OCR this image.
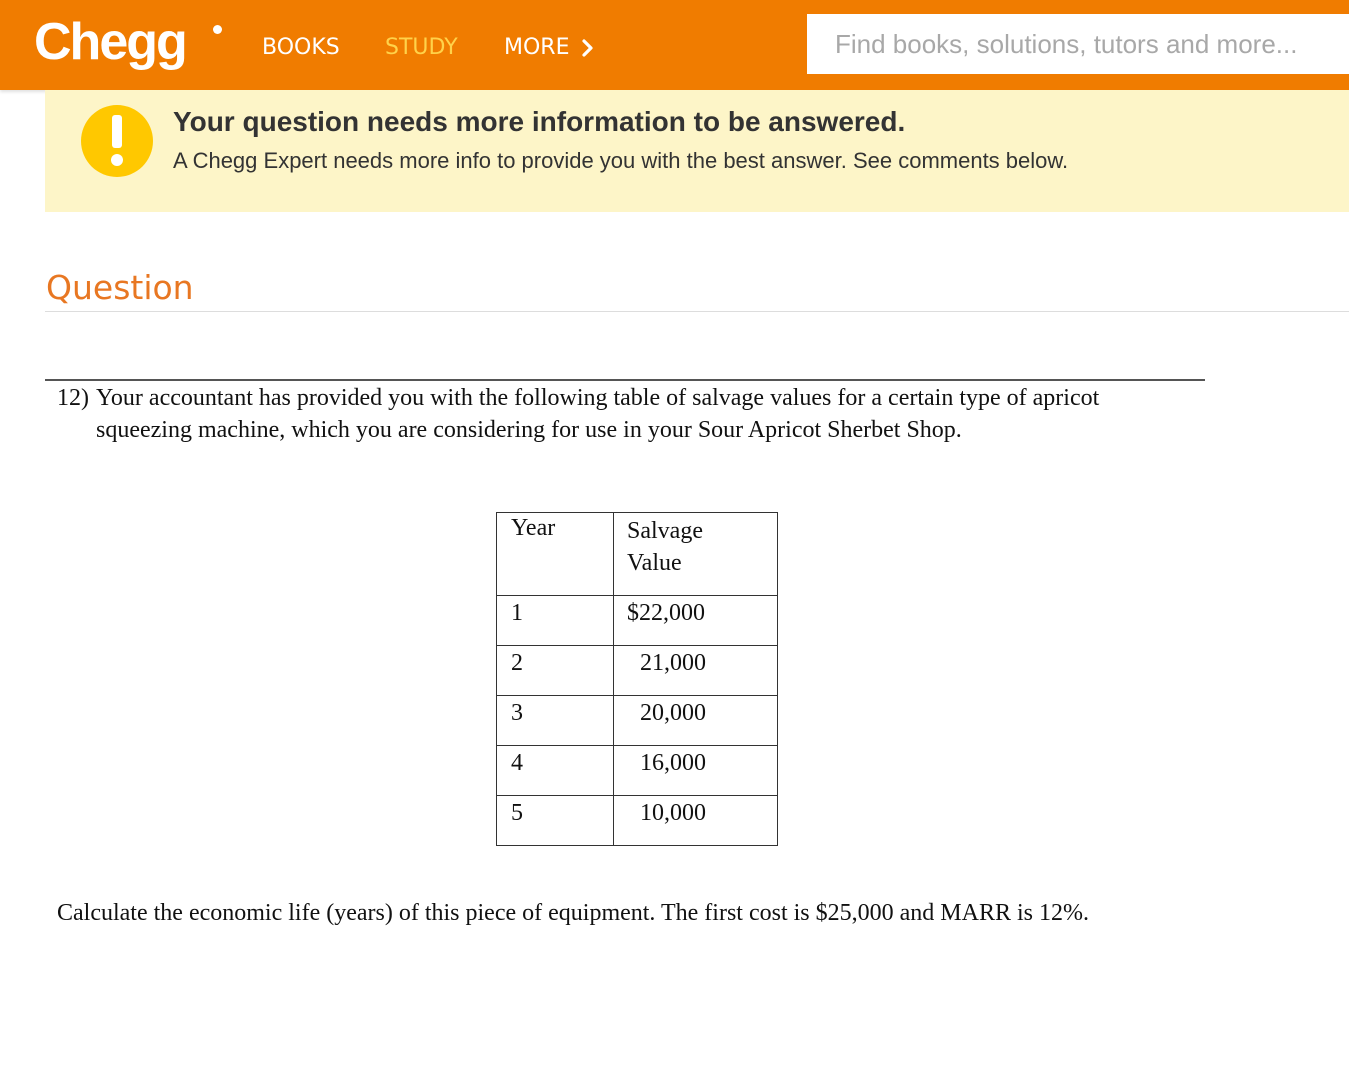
Chegg	BOOKS STUDY MORE
Find books, solutions, tutors and more...
Your question needs more information to be answered.
A Chegg Expert needs more info to provide you with the best answer. See comments below.
Question
12) Your accountant has provided you with the following table of salvage values for a certain type of apricot
squeezing machine, which you are considering for use in your Sour Apricot Sherbet Shop.
Year	Salvage
Value
1	$22,000
2	21,000
3	20,000
4	16,000
5	10,000
Calculate the economic life (years) of this piece of equipment. The first cost is $25,000 and MARR is 12%.
